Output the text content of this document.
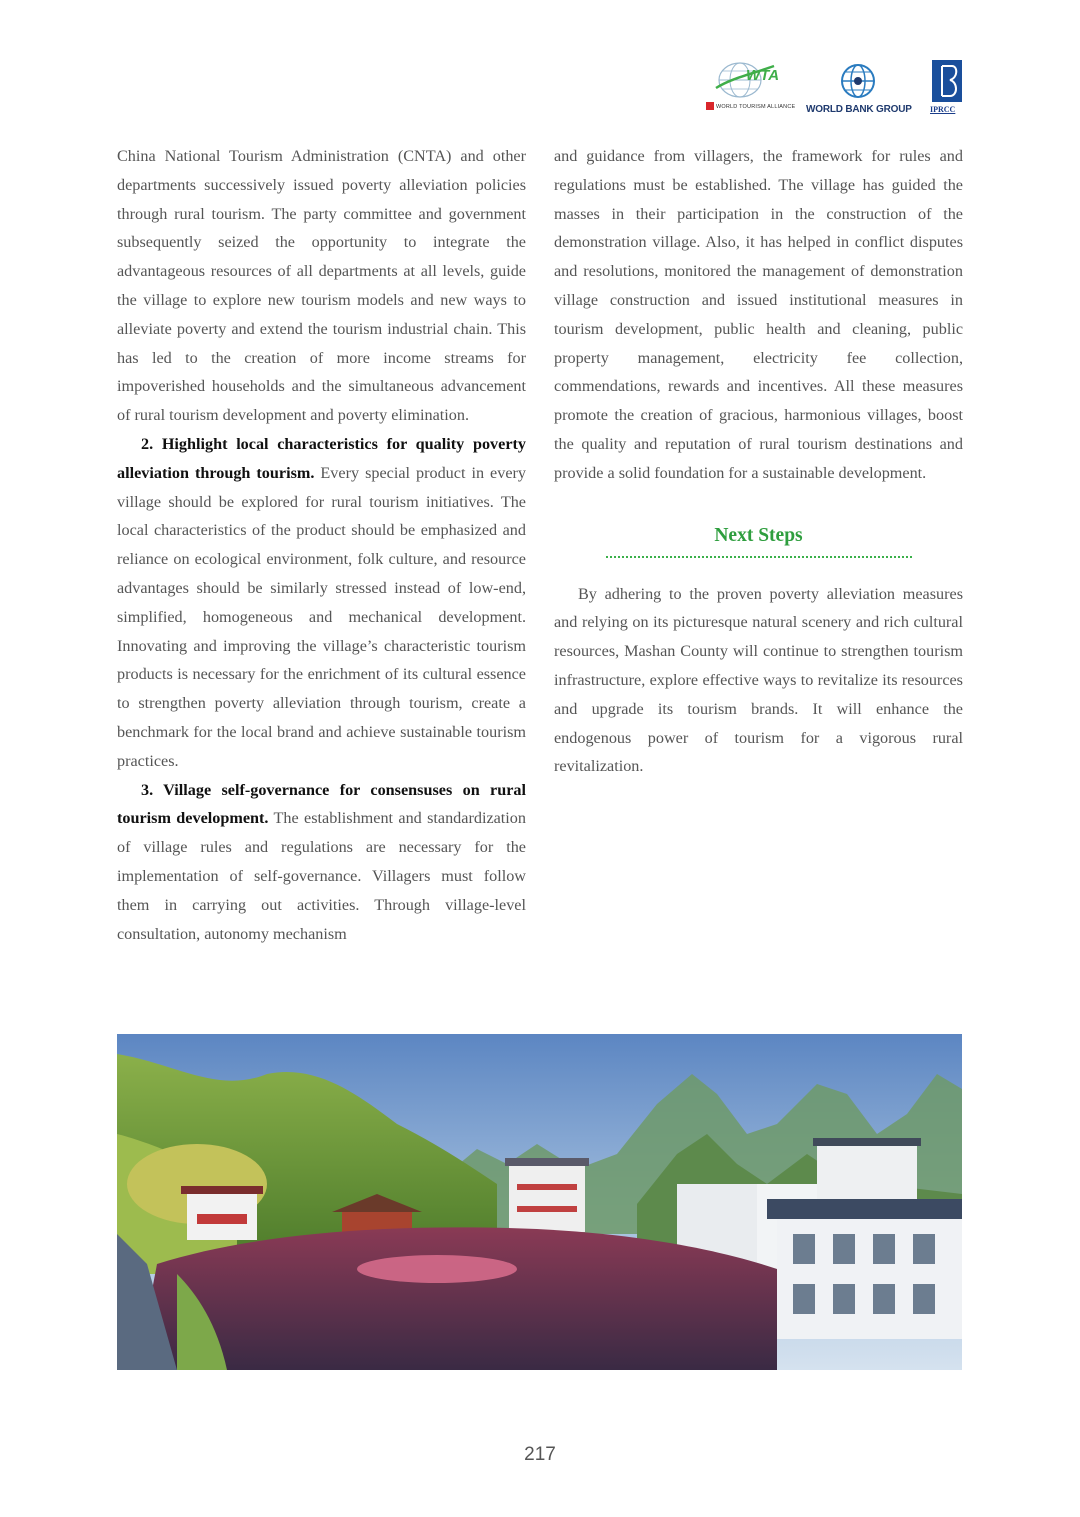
WTA
WORLD TOURISM ALLIANCE WORLD BANK GROUP IPRCC

China National Tourism Administration (CNTA) and other departments successively issued poverty alleviation policies through rural tourism. The party committee and government subsequently seized the opportunity to integrate the advantageous resources of all departments at all levels, guide the village to explore new tourism models and new ways to alleviate poverty and extend the tourism industrial chain. This has led to the creation of more income streams for impoverished households and the simultaneous advancement of rural tourism development and poverty elimination.

2. Highlight local characteristics for quality poverty alleviation through tourism. Every special product in every village should be explored for rural tourism initiatives. The local characteristics of the product should be emphasized and reliance on ecological environment, folk culture, and resource advantages should be similarly stressed instead of low-end, simplified, homogeneous and mechanical development. Innovating and improving the village’s characteristic tourism products is necessary for the enrichment of its cultural essence to strengthen poverty alleviation through tourism, create a benchmark for the local brand and achieve sustainable tourism practices.

3. Village self-governance for consensuses on rural tourism development. The establishment and standardization of village rules and regulations are necessary for the implementation of self-governance. Villagers must follow them in carrying out activities. Through village-level consultation, autonomy mechanism

and guidance from villagers, the framework for rules and regulations must be established. The village has guided the masses in their participation in the construction of the demonstration village. Also, it has helped in conflict disputes and resolutions, monitored the management of demonstration village construction and issued institutional measures in tourism development, public health and cleaning, public property management, electricity fee collection, commendations, rewards and incentives. All these measures promote the creation of gracious, harmonious villages, boost the quality and reputation of rural tourism destinations and provide a solid foundation for a sustainable development.

Next Steps

By adhering to the proven poverty alleviation measures and relying on its picturesque natural scenery and rich cultural resources, Mashan County will continue to strengthen tourism infrastructure, explore effective ways to revitalize its resources and upgrade its tourism brands. It will enhance the endogenous power of tourism for a vigorous rural revitalization.

217
